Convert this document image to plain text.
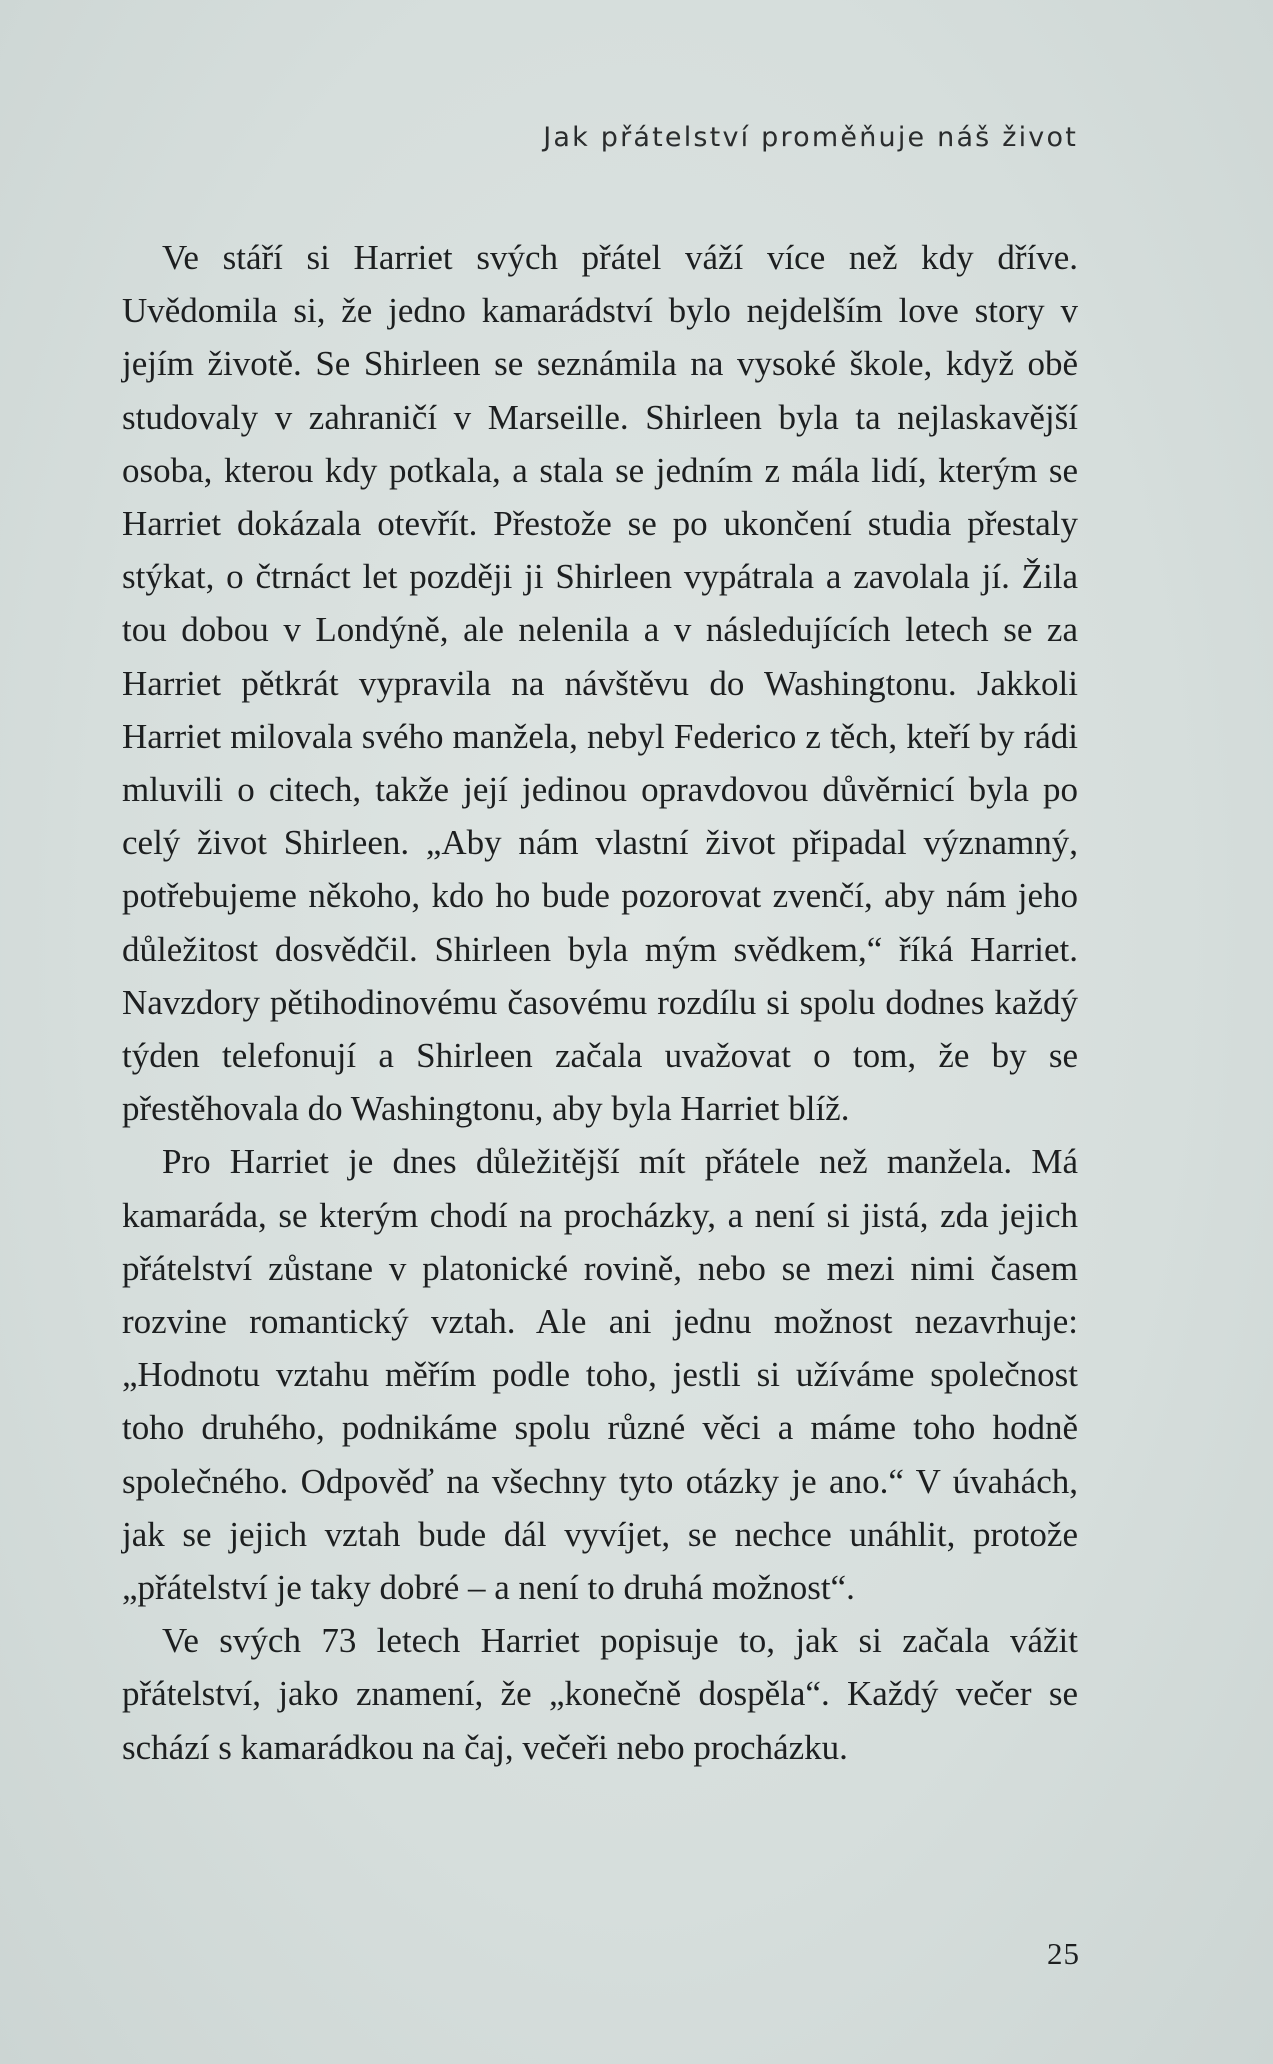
Jak přátelství proměňuje náš život

Ve stáří si Harriet svých přátel váží více než kdy dříve. Uvědomila si, že jedno kamarádství bylo nejdelším love story v jejím životě. Se Shirleen se seznámila na vysoké škole, když obě studovaly v zahraničí v Marseille. Shirleen byla ta nejlaskavější osoba, kterou kdy potkala, a stala se jedním z mála lidí, kterým se Harriet dokázala otevřít. Přestože se po ukončení studia přestaly stýkat, o čtrnáct let později ji Shirleen vypátrala a zavolala jí. Žila tou dobou v Londýně, ale nelenila a v následujících letech se za Harriet pětkrát vypravila na návštěvu do Washingtonu. Jakkoli Harriet milovala svého manžela, nebyl Federico z těch, kteří by rádi mluvili o citech, takže její jedinou opravdovou důvěrnicí byla po celý život Shirleen. „Aby nám vlastní život připadal významný, potřebujeme někoho, kdo ho bude pozorovat zvenčí, aby nám jeho důležitost dosvědčil. Shirleen byla mým svědkem,“ říká Harriet. Navzdory pětihodinovému časovému rozdílu si spolu dodnes každý týden telefonují a Shirleen začala uvažovat o tom, že by se přestěhovala do Washingtonu, aby byla Harriet blíž.

Pro Harriet je dnes důležitější mít přátele než manžela. Má kamaráda, se kterým chodí na procházky, a není si jistá, zda jejich přátelství zůstane v platonické rovině, nebo se mezi nimi časem rozvine romantický vztah. Ale ani jednu možnost nezavrhuje: „Hodnotu vztahu měřím podle toho, jestli si užíváme společnost toho druhého, podnikáme spolu různé věci a máme toho hodně společného. Odpověď na všechny tyto otázky je ano.“ V úvahách, jak se jejich vztah bude dál vyvíjet, se nechce unáhlit, protože „přátelství je taky dobré – a není to druhá možnost“.

Ve svých 73 letech Harriet popisuje to, jak si začala vážit přátelství, jako znamení, že „konečně dospěla“. Každý večer se schází s kamarádkou na čaj, večeři nebo procházku.

25
